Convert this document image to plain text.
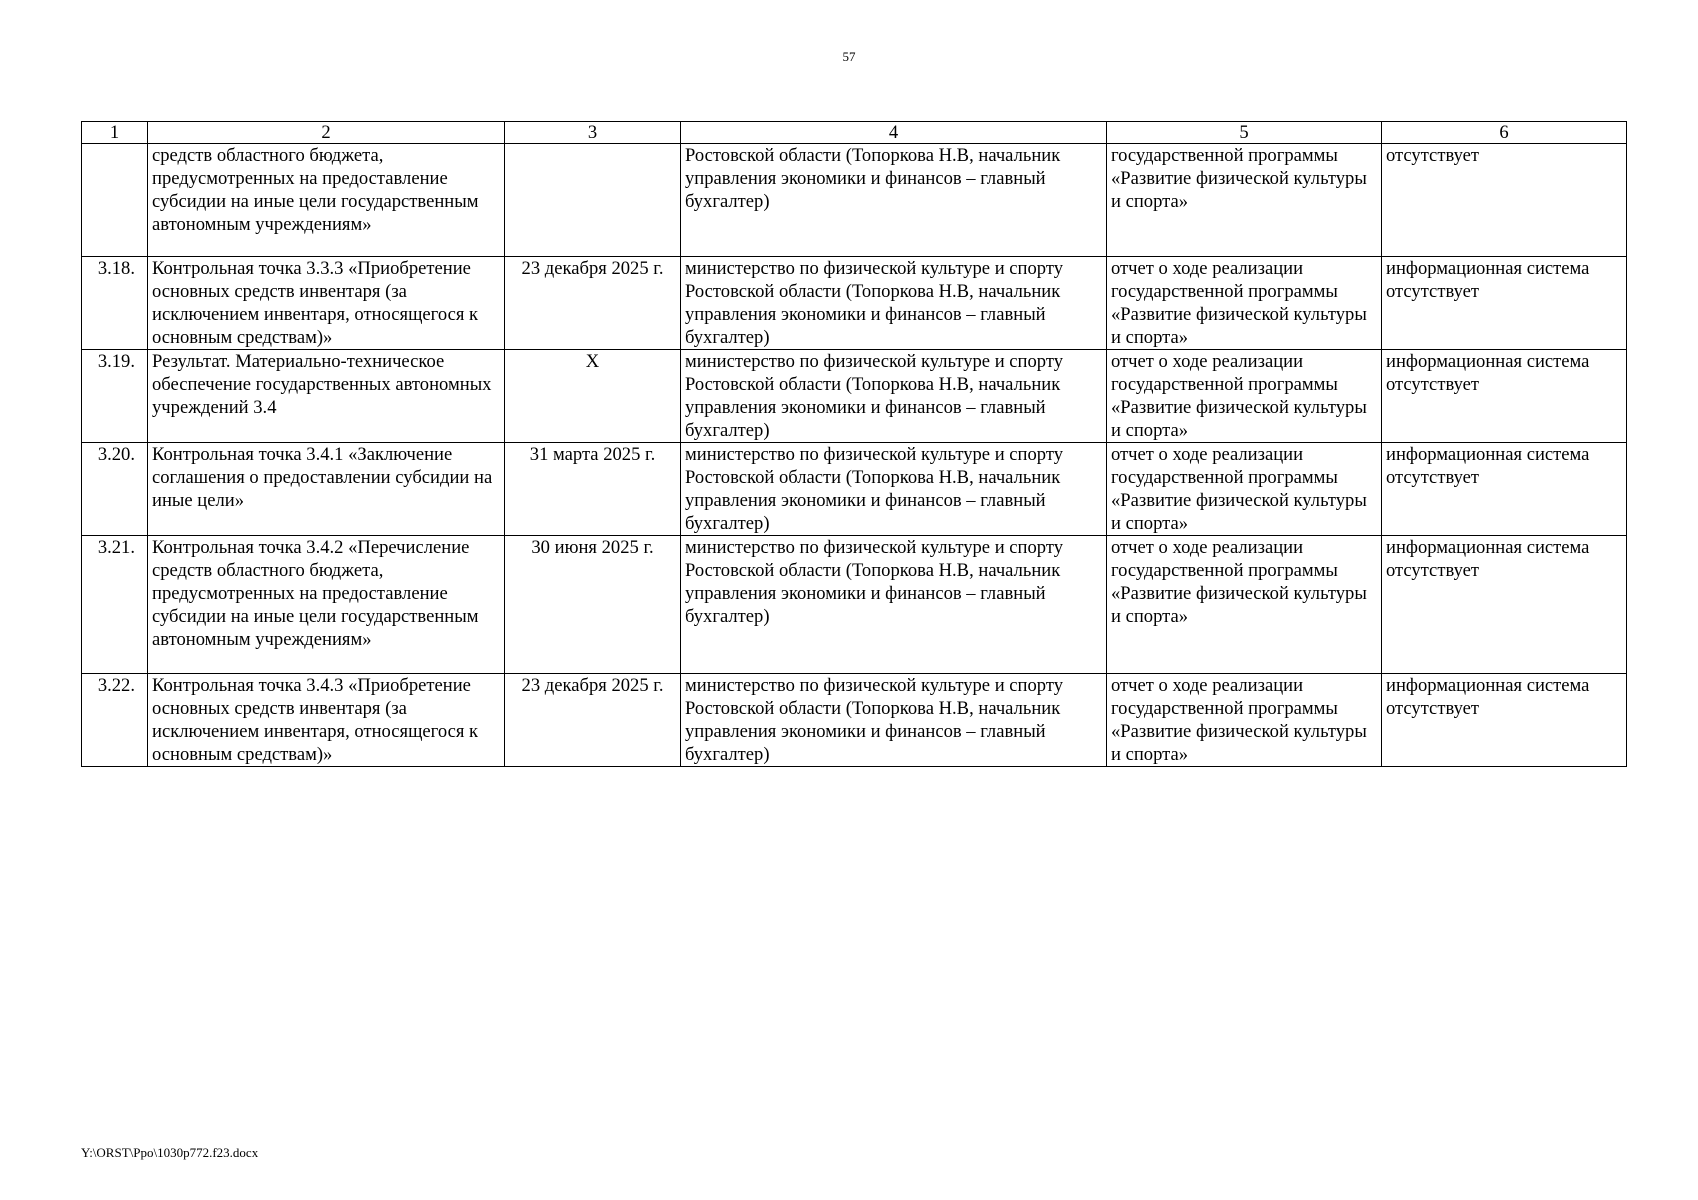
57
1	2	3	4	5	6
	средств областного бюджета, предусмотренных на предоставление субсидии на иные цели государственным автономным учреждениям»		Ростовской области (Топоркова Н.В, начальник управления экономики и финансов – главный бухгалтер)	государственной программы «Развитие физической культуры и спорта»	отсутствует
3.18.	Контрольная точка 3.3.3 «Приобретение основных средств инвентаря (за исключением инвентаря, относящегося к основным средствам)»	23 декабря 2025 г.	министерство по физической культуре и спорту Ростовской области (Топоркова Н.В, начальник управления экономики и финансов – главный бухгалтер)	отчет о ходе реализации государственной программы «Развитие физической культуры и спорта»	информационная система отсутствует
3.19.	Результат. Материально-техническое обеспечение государственных автономных учреждений 3.4	Х	министерство по физической культуре и спорту Ростовской области (Топоркова Н.В, начальник управления экономики и финансов – главный бухгалтер)	отчет о ходе реализации государственной программы «Развитие физической культуры и спорта»	информационная система отсутствует
3.20.	Контрольная точка 3.4.1 «Заключение соглашения о предоставлении субсидии на иные цели»	31 марта 2025 г.	министерство по физической культуре и спорту Ростовской области (Топоркова Н.В, начальник управления экономики и финансов – главный бухгалтер)	отчет о ходе реализации государственной программы «Развитие физической культуры и спорта»	информационная система отсутствует
3.21.	Контрольная точка 3.4.2 «Перечисление средств областного бюджета, предусмотренных на предоставление субсидии на иные цели государственным автономным учреждениям»	30 июня 2025 г.	министерство по физической культуре и спорту Ростовской области (Топоркова Н.В, начальник управления экономики и финансов – главный бухгалтер)	отчет о ходе реализации государственной программы «Развитие физической культуры и спорта»	информационная система отсутствует
3.22.	Контрольная точка 3.4.3 «Приобретение основных средств инвентаря (за исключением инвентаря, относящегося к основным средствам)»	23 декабря 2025 г.	министерство по физической культуре и спорту Ростовской области (Топоркова Н.В, начальник управления экономики и финансов – главный бухгалтер)	отчет о ходе реализации государственной программы «Развитие физической культуры и спорта»	информационная система отсутствует
Y:\ORST\Ppo\1030p772.f23.docx
